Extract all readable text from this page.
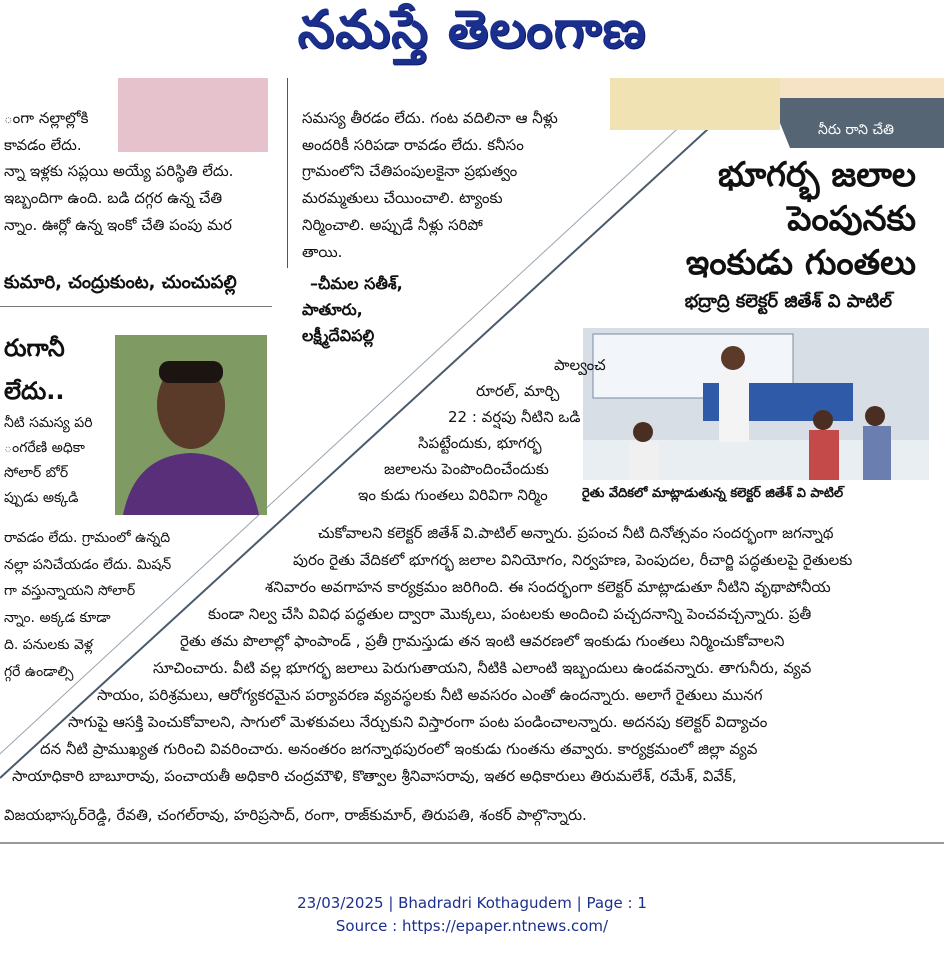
నమస్తే తెలంగాణ
ంగా నల్లాల్లోకి
కావడం లేదు.
న్నా ఇళ్లకు సప్లయి అయ్యే పరిస్థితి లేదు.
ఇబ్బందిగా ఉంది. బడి దగ్గర ఉన్న చేతి
న్నాం. ఊర్లో ఉన్న ఇంకో చేతి పంపు మర
కుమారి, చంద్రుకుంట, చుంచుపల్లి
రుగానీ
లేదు..
నీటి సమస్య పరి
ంగరేణి అధికా
సోలార్ బోర్
ప్పుడు అక్కడి
రావడం లేదు. గ్రామంలో ఉన్నది
నల్లా పనిచేయడం లేదు. మిషన్
గా వస్తున్నాయని సోలార్
న్నాం. అక్కడ కూడా
ది. పనులకు వెళ్ల
గ్గరే ఉండాల్సి
సమస్య తీరడం లేదు. గంట వదిలినా ఆ నీళ్లు
అందరికీ సరిపడా రావడం లేదు. కనీసం
గ్రామంలోని చేతిపంపులకైనా ప్రభుత్వం
మరమ్మతులు చేయించాలి. ట్యాంకు
నిర్మించాలి. అప్పుడే నీళ్లు సరిపో
తాయి.
–చీమల సతీశ్,
పాతూరు,
లక్ష్మీదేవిపల్లి
నీరు రాని చేతి
భూగర్భ జలాల
పెంపునకు
ఇంకుడు గుంతలు
భద్రాద్రి కలెక్టర్ జితేశ్ వి పాటిల్
రైతు వేదికలో మాట్లాడుతున్న కలెక్టర్ జితేశ్ వి పాటిల్
పాల్వంచ
రూరల్, మార్చి
22 : వర్షపు నీటిని ఒడి
సిపట్టేందుకు, భూగర్భ
జలాలను పెంపొందించేందుకు
ఇం కుడు గుంతలు విరివిగా నిర్మిం
చుకోవాలని కలెక్టర్ జితేశ్ వి.పాటిల్ అన్నారు. ప్రపంచ నీటి దినోత్సవం సందర్భంగా జగన్నాథ
పురం రైతు వేదికలో భూగర్భ జలాల వినియోగం, నిర్వహణ, పెంపుదల, రీచార్జి పద్ధతులపై రైతులకు
శనివారం అవగాహన కార్యక్రమం జరిగింది. ఈ సందర్భంగా కలెక్టర్ మాట్లాడుతూ నీటిని వృథాపోనీయ
కుండా నిల్వ చేసి వివిధ పద్ధతుల ద్వారా మొక్కలు, పంటలకు అందించి పచ్చదనాన్ని పెంచవచ్చన్నారు. ప్రతీ
రైతు తమ పొలాల్లో ఫాంపాండ్ , ప్రతీ గ్రామస్తుడు తన ఇంటి ఆవరణలో ఇంకుడు గుంతలు నిర్మించుకోవాలని
సూచించారు. వీటి వల్ల భూగర్భ జలాలు పెరుగుతాయని, నీటికి ఎలాంటి ఇబ్బందులు ఉండవన్నారు. తాగునీరు, వ్యవ
సాయం, పరిశ్రమలు, ఆరోగ్యకరమైన పర్యావరణ వ్యవస్థలకు నీటి అవసరం ఎంతో ఉందన్నారు. అలాగే రైతులు మునగ
సాగుపై ఆసక్తి పెంచుకోవాలని, సాగులో మెళకువలు నేర్చుకుని విస్తారంగా పంట పండించాలన్నారు. అదనపు కలెక్టర్ విద్యాచం
దన నీటి ప్రాముఖ్యత గురించి వివరించారు. అనంతరం జగన్నాథపురంలో ఇంకుడు గుంతను తవ్వారు. కార్యక్రమంలో జిల్లా వ్యవ
సాయాధికారి బాబూరావు, పంచాయతీ అధికారి చంద్రమౌళి, కొత్వాల శ్రీనివాసరావు, ఇతర అధికారులు తిరుమలేశ్, రమేశ్, వివేక్,
విజయభాస్కర్‌రెడ్డి, రేవతి, చంగల్‌రావు, హరిప్రసాద్, రంగా, రాజ్‌కుమార్, తిరుపతి, శంకర్ పాల్గొన్నారు.
23/03/2025 | Bhadradri Kothagudem | Page : 1
Source : https://epaper.ntnews.com/
